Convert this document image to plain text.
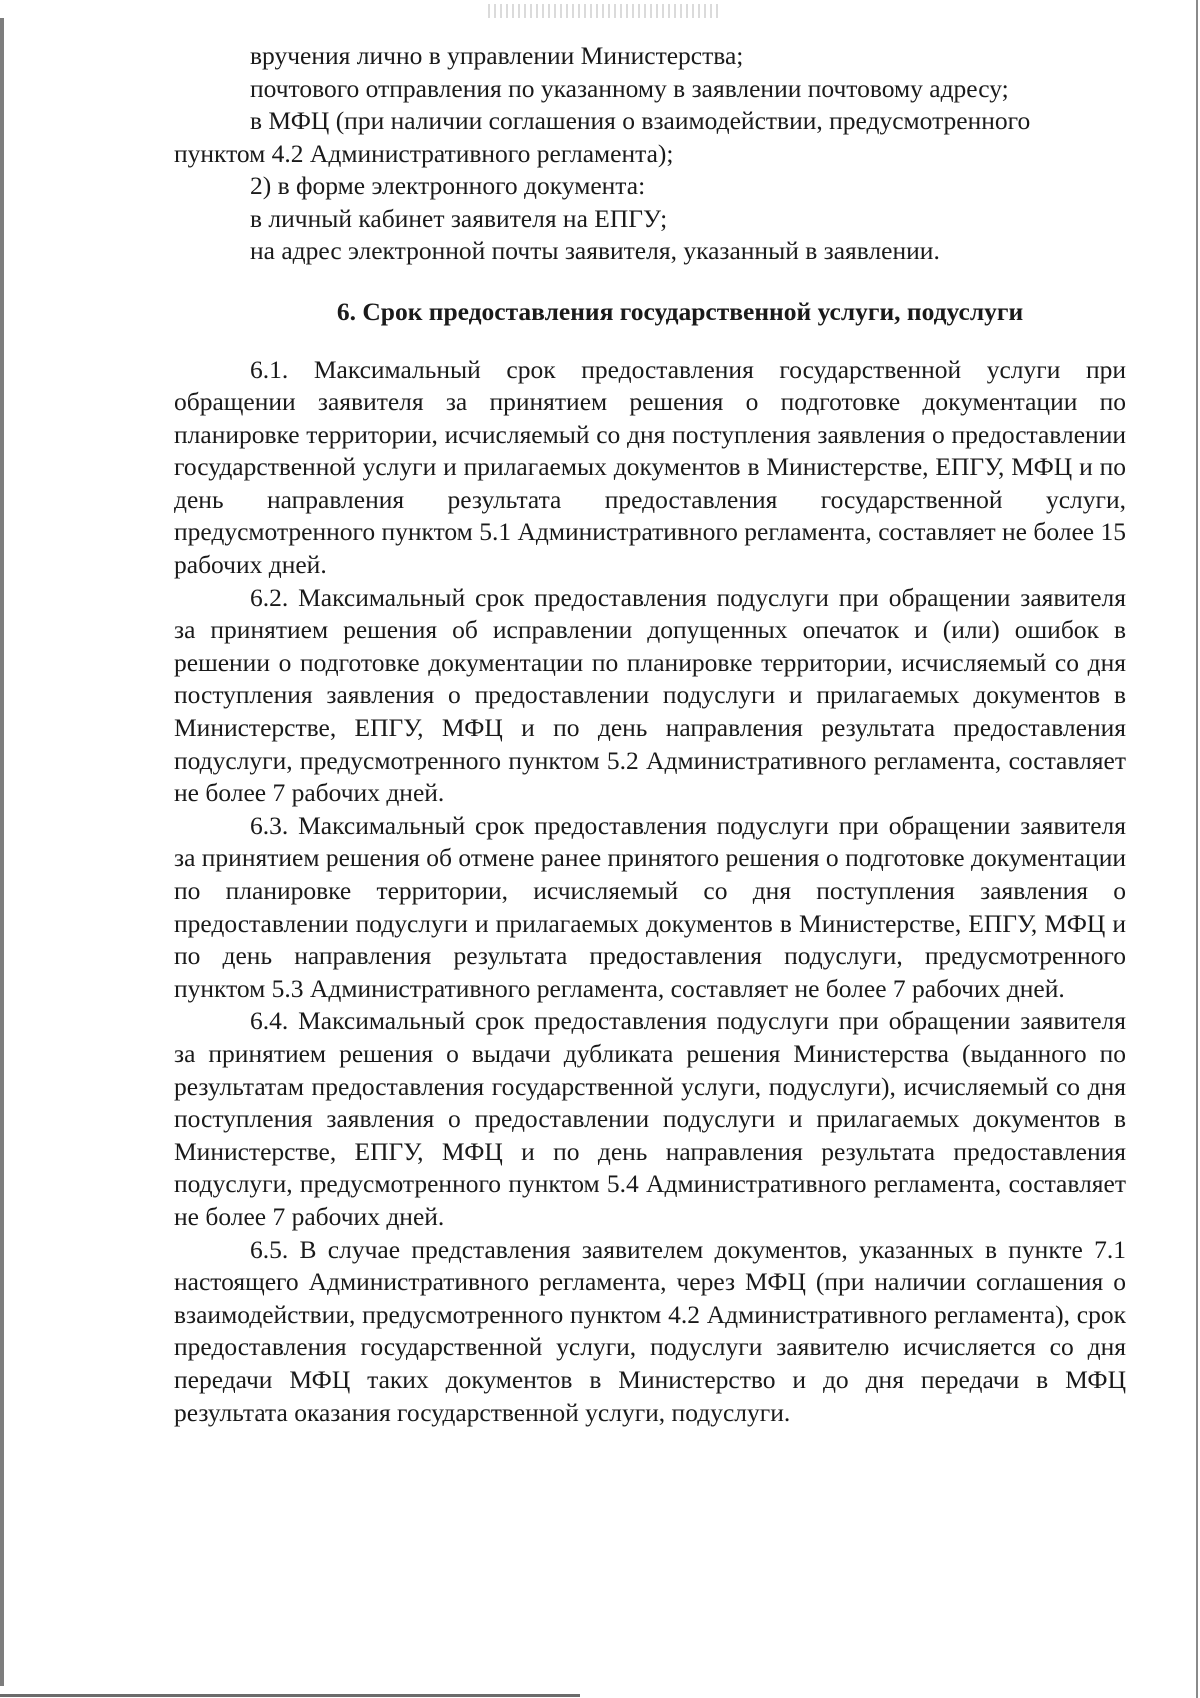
вручения лично в управлении Министерства;
почтового отправления по указанному в заявлении почтовому адресу;
в МФЦ (при наличии соглашения о взаимодействии, предусмотренного
пунктом 4.2 Административного регламента);
2) в форме электронного документа:
в личный кабинет заявителя на ЕПГУ;
на адрес электронной почты заявителя, указанный в заявлении.
6. Срок предоставления государственной услуги, подуслуги

6.1. Максимальный срок предоставления государственной услуги при обращении заявителя за принятием решения о подготовке документации по планировке территории, исчисляемый со дня поступления заявления о предоставлении государственной услуги и прилагаемых документов в Министерстве, ЕПГУ, МФЦ и по день направления результата предоставления государственной услуги, предусмотренного пунктом 5.1 Административного регламента, составляет не более 15 рабочих дней.

6.2. Максимальный срок предоставления подуслуги при обращении заявителя за принятием решения об исправлении допущенных опечаток и (или) ошибок в решении о подготовке документации по планировке территории, исчисляемый со дня поступления заявления о предоставлении подуслуги и прилагаемых документов в Министерстве, ЕПГУ, МФЦ и по день направления результата предоставления подуслуги, предусмотренного пунктом 5.2 Административного регламента, составляет не более 7 рабочих дней.

6.3. Максимальный срок предоставления подуслуги при обращении заявителя за принятием решения об отмене ранее принятого решения о подготовке документации по планировке территории, исчисляемый со дня поступления заявления о предоставлении подуслуги и прилагаемых документов в Министерстве, ЕПГУ, МФЦ и по день направления результата предоставления подуслуги, предусмотренного пунктом 5.3 Административного регламента, составляет не более 7 рабочих дней.

6.4. Максимальный срок предоставления подуслуги при обращении заявителя за принятием решения о выдачи дубликата решения Министерства (выданного по результатам предоставления государственной услуги, подуслуги), исчисляемый со дня поступления заявления о предоставлении подуслуги и прилагаемых документов в Министерстве, ЕПГУ, МФЦ и по день направления результата предоставления подуслуги, предусмотренного пунктом 5.4 Административного регламента, составляет не более 7 рабочих дней.

6.5. В случае представления заявителем документов, указанных в пункте 7.1 настоящего Административного регламента, через МФЦ (при наличии соглашения о взаимодействии, предусмотренного пунктом 4.2 Административного регламента), срок предоставления государственной услуги, подуслуги заявителю исчисляется со дня передачи МФЦ таких документов в Министерство и до дня передачи в МФЦ результата оказания государственной услуги, подуслуги.
